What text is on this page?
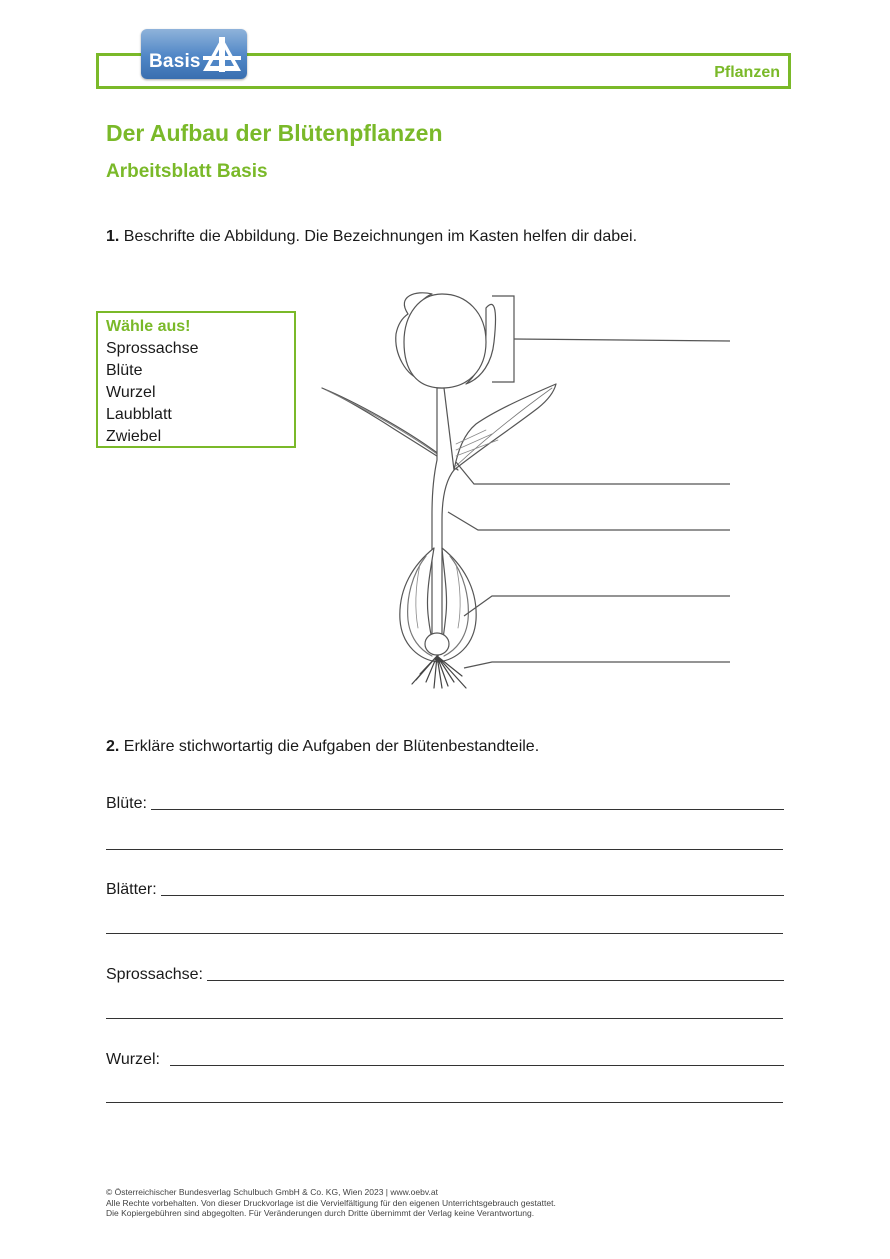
Pflanzen
Basis
Der Aufbau der Blütenpflanzen
Arbeitsblatt Basis

1. Beschrifte die Abbildung. Die Bezeichnungen im Kasten helfen dir dabei.

Wähle aus!
Sprossachse
Blüte
Wurzel
Laubblatt
Zwiebel

2. Erkläre stichwortartig die Aufgaben der Blütenbestandteile.

Blüte:
Blätter:
Sprossachse:
Wurzel:
© Österreichischer Bundesverlag Schulbuch GmbH & Co. KG, Wien 2023 | www.oebv.at
Alle Rechte vorbehalten. Von dieser Druckvorlage ist die Vervielfältigung für den eigenen Unterrichtsgebrauch gestattet.
Die Kopiergebühren sind abgegolten. Für Veränderungen durch Dritte übernimmt der Verlag keine Verantwortung.
